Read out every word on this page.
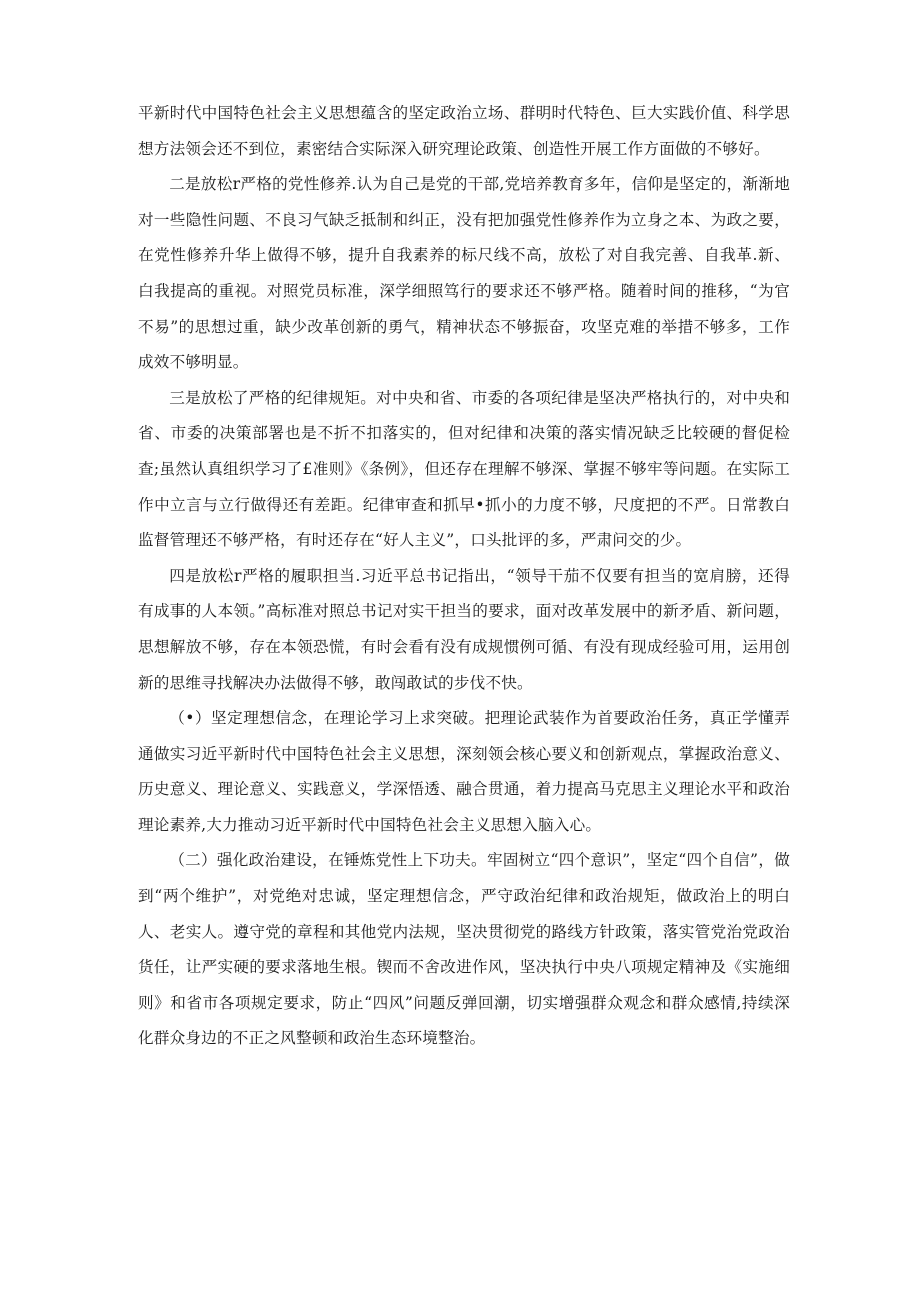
平新时代中国特色社会主义思想蕴含的坚定政治立场、群明时代特色、巨大实践价值、科学思想方法领会还不到位，素密结合实际深入研究理论政策、创造性开展工作方面做的不够好。

二是放松r严格的党性修养.认为自己是党的干部,党培养教育多年，信仰是坚定的，渐渐地对一些隐性问题、不良习气缺乏抵制和纠正，没有把加强党性修养作为立身之本、为政之要，在党性修养升华上做得不够，提升自我素养的标尺线不高，放松了对自我完善、自我革.新、白我提高的重视。对照党员标准，深学细照笃行的要求还不够严格。随着时间的推移，“为官不易”的思想过重，缺少改革创新的勇气，精神状态不够振奋，攻坚克难的举措不够多，工作成效不够明显。

三是放松了严格的纪律规矩。对中央和省、市委的各项纪律是坚决严格执行的，对中央和省、市委的决策部署也是不折不扣落实的，但对纪律和决策的落实情况缺乏比较硬的督促检查;虽然认真组织学习了£准则》《条例》，但还存在理解不够深、掌握不够牢等问题。在实际工作中立言与立行做得还有差距。纪律审查和抓早•抓小的力度不够，尺度把的不严。日常教白监督管理还不够严格，有时还存在“好人主义”，口头批评的多，严肃问交的少。

四是放松r严格的履职担当.习近平总书记指出，“领导干茄不仅要有担当的宽肩膀，还得有成事的人本领。”高标准对照总书记对实干担当的要求，面对改革发展中的新矛盾、新问题，思想解放不够，存在本领恐慌，有时会看有没有成规惯例可循、有没有现成经验可用，运用创新的思维寻找解决办法做得不够，敢闯敢试的步伐不快。

（•）坚定理想信念，在理论学习上求突破。把理论武装作为首要政治任务，真正学懂弄通做实习近平新时代中国特色社会主义思想，深刻领会核心要义和创新观点，掌握政治意义、历史意义、理论意义、实践意义，学深悟透、融合贯通，着力提高马克思主义理论水平和政治理论素养,大力推动习近平新时代中国特色社会主义思想入脑入心。

（二）强化政治建设，在锤炼党性上下功夫。牢固树立“四个意识”，坚定“四个自信”，做到“两个维护”，对党绝对忠诚，坚定理想信念，严守政治纪律和政治规矩，做政治上的明白人、老实人。遵守党的章程和其他党内法规，坚决贯彻党的路线方针政策，落实管党治党政治货任，让严实硬的要求落地生根。锲而不舍改进作风，坚决执行中央八项规定精神及《实施细则》和省市各项规定要求，防止“四风”问题反弹回潮，切实增强群众观念和群众感情,持续深化群众身边的不正之风整顿和政治生态环境整治。
